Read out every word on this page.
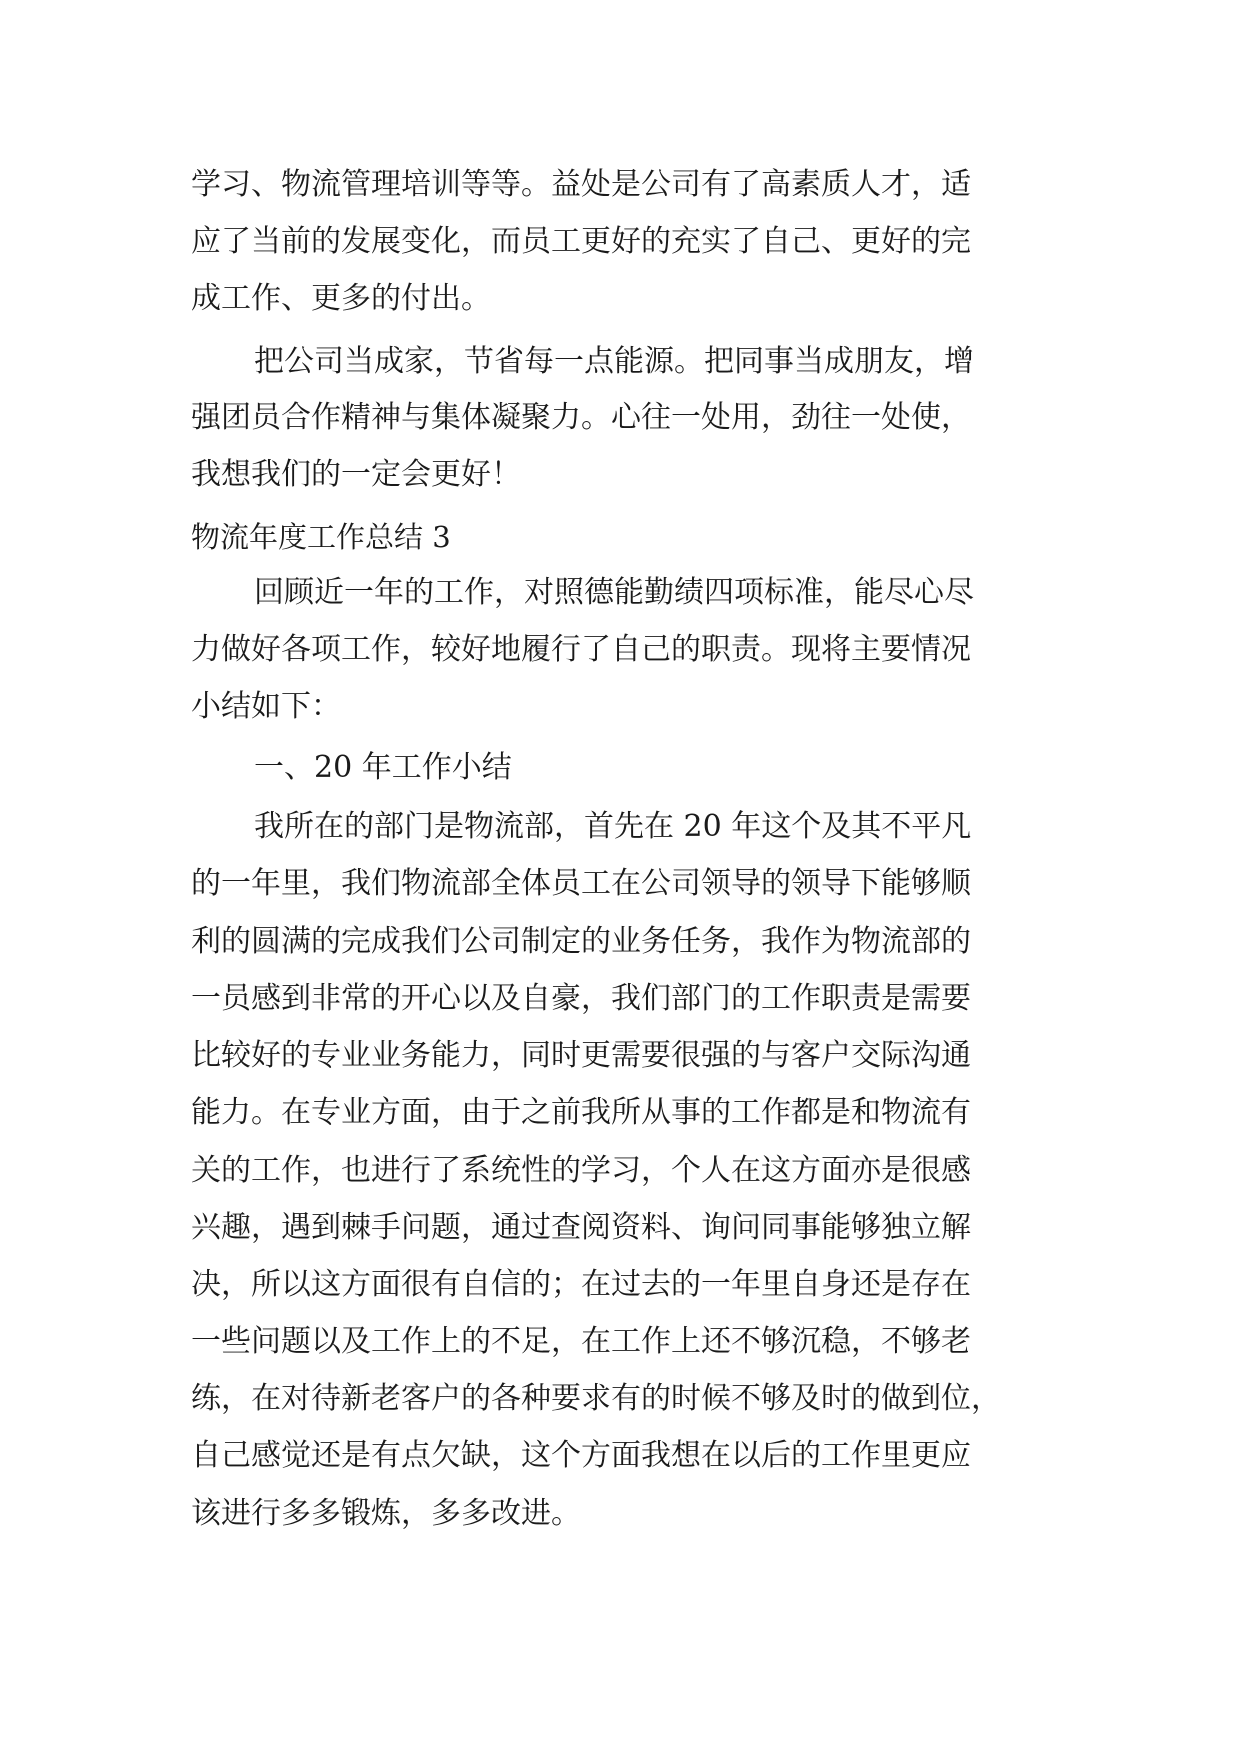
学习、物流管理培训等等。益处是公司有了高素质人才，适
应了当前的发展变化，而员工更好的充实了自己、更好的完
成工作、更多的付出。
把公司当成家，节省每一点能源。把同事当成朋友，增
强团员合作精神与集体凝聚力。心往一处用，劲往一处使，
我想我们的一定会更好！
物流年度工作总结 3
回顾近一年的工作，对照德能勤绩四项标准，能尽心尽
力做好各项工作，较好地履行了自己的职责。现将主要情况
小结如下：
一、20 年工作小结
我所在的部门是物流部，首先在 20 年这个及其不平凡
的一年里，我们物流部全体员工在公司领导的领导下能够顺
利的圆满的完成我们公司制定的业务任务，我作为物流部的
一员感到非常的开心以及自豪，我们部门的工作职责是需要
比较好的专业业务能力，同时更需要很强的与客户交际沟通
能力。在专业方面，由于之前我所从事的工作都是和物流有
关的工作，也进行了系统性的学习，个人在这方面亦是很感
兴趣，遇到棘手问题，通过查阅资料、询问同事能够独立解
决，所以这方面很有自信的；在过去的一年里自身还是存在
一些问题以及工作上的不足，在工作上还不够沉稳，不够老
练，在对待新老客户的各种要求有的时候不够及时的做到位，
自己感觉还是有点欠缺，这个方面我想在以后的工作里更应
该进行多多锻炼，多多改进。
